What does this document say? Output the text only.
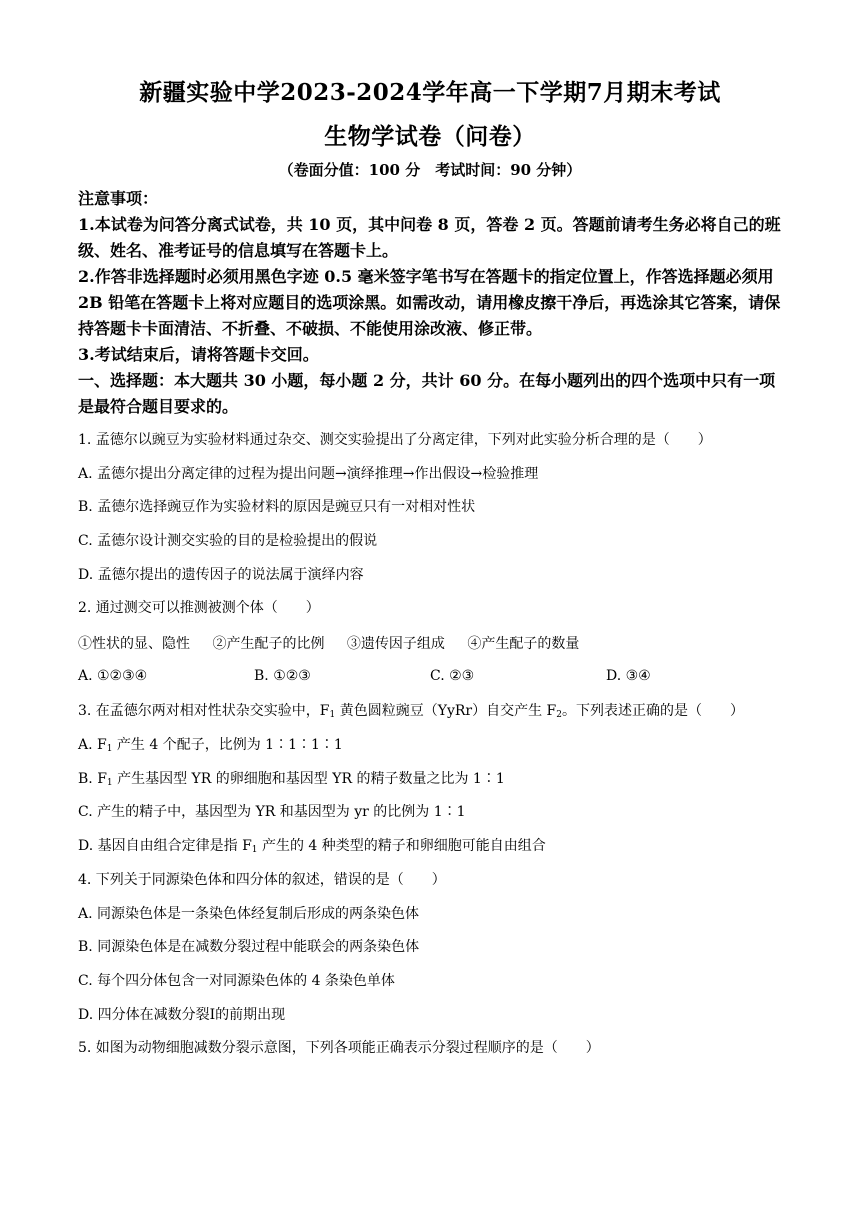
新疆实验中学2023-2024学年高一下学期7月期末考试
生物学试卷（问卷）
（卷面分值：100 分　考试时间：90 分钟）

注意事项：

1.本试卷为问答分离式试卷，共 10 页，其中问卷 8 页，答卷 2 页。答题前请考生务必将自己的班级、姓名、准考证号的信息填写在答题卡上。

2.作答非选择题时必须用黑色字迹 0.5 毫米签字笔书写在答题卡的指定位置上，作答选择题必须用 2B 铅笔在答题卡上将对应题目的选项涂黑。如需改动，请用橡皮擦干净后，再选涂其它答案，请保持答题卡卡面清洁、不折叠、不破损、不能使用涂改液、修正带。

3.考试结束后，请将答题卡交回。

一、选择题：本大题共 30 小题，每小题 2 分，共计 60 分。在每小题列出的四个选项中只有一项是最符合题目要求的。

1. 孟德尔以豌豆为实验材料通过杂交、测交实验提出了分离定律，下列对此实验分析合理的是（　　）
A. 孟德尔提出分离定律的过程为提出问题→演绎推理→作出假设→检验推理
B. 孟德尔选择豌豆作为实验材料的原因是豌豆只有一对相对性状
C. 孟德尔设计测交实验的目的是检验提出的假说
D. 孟德尔提出的遗传因子的说法属于演绎内容
2. 通过测交可以推测被测个体（　　）
①性状的显、隐性 ②产生配子的比例 ③遗传因子组成 ④产生配子的数量
A. ①②③④	B. ①②③	C. ②③	D. ③④
3. 在孟德尔两对相对性状杂交实验中，$F_1$ 黄色圆粒豌豆（YyRr）自交产生 $F_2$。下列表述正确的是（　　）
A. $F_1$ 产生 4 个配子，比例为 1∶1∶1∶1
B. $F_1$ 产生基因型 YR 的卵细胞和基因型 YR 的精子数量之比为 1∶1
C. 产生的精子中，基因型为 YR 和基因型为 yr 的比例为 1∶1
D. 基因自由组合定律是指 $F_1$ 产生的 4 种类型的精子和卵细胞可能自由组合
4. 下列关于同源染色体和四分体的叙述，错误的是（　　）
A. 同源染色体是一条染色体经复制后形成的两条染色体
B. 同源染色体是在减数分裂过程中能联会的两条染色体
C. 每个四分体包含一对同源染色体的 4 条染色单体
D. 四分体在减数分裂Ⅰ的前期出现
5. 如图为动物细胞减数分裂示意图，下列各项能正确表示分裂过程顺序的是（　　）
